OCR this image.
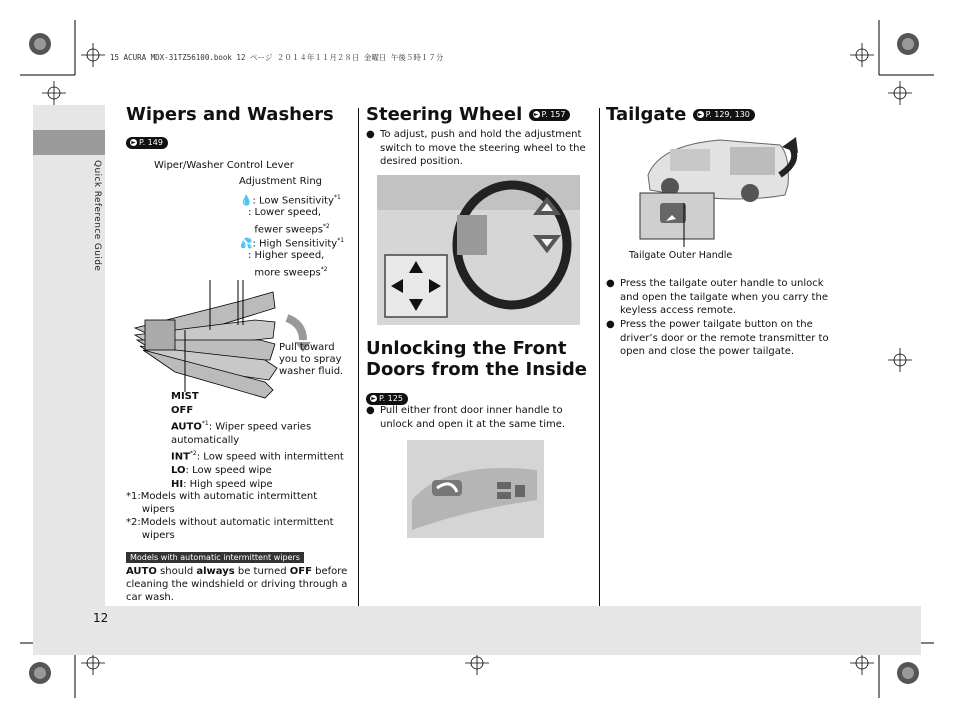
15 ACURA MDX-31TZ56100.book 12 ページ ２０１４年１１月２８日 金曜日 午後５時１７分
Quick Reference Guide
12
Wipers and Washers
► P. 149
Wiper/Washer Control Lever
Adjustment Ring
💧: Low Sensitivity$^{*1}$
: Lower speed,
fewer sweeps$^{*2}$
💦: High Sensitivity$^{*1}$
: Higher speed,
more sweeps$^{*2}$
Pull toward
you to spray
washer fluid.
MIST
OFF
AUTO$^{*1}$: Wiper speed varies
automatically
INT$^{*2}$: Low speed with intermittent
LO: Low speed wipe
HI: High speed wipe
*1:Models with automatic intermittent
wipers
*2:Models without automatic intermittent
wipers
Models with automatic intermittent wipers
AUTO should always be turned OFF before
cleaning the windshield or driving through a
car wash.
Steering Wheel ► P. 157
● To adjust, push and hold the adjustment
switch to move the steering wheel to the
desired position.
Unlocking the Front
Doors from the Inside
► P. 125
● Pull either front door inner handle to
unlock and open it at the same time.
Tailgate ► P. 129, 130
Tailgate Outer Handle
● Press the tailgate outer handle to unlock
and open the tailgate when you carry the
keyless access remote.
● Press the power tailgate button on the
driver’s door or the remote transmitter to
open and close the power tailgate.
